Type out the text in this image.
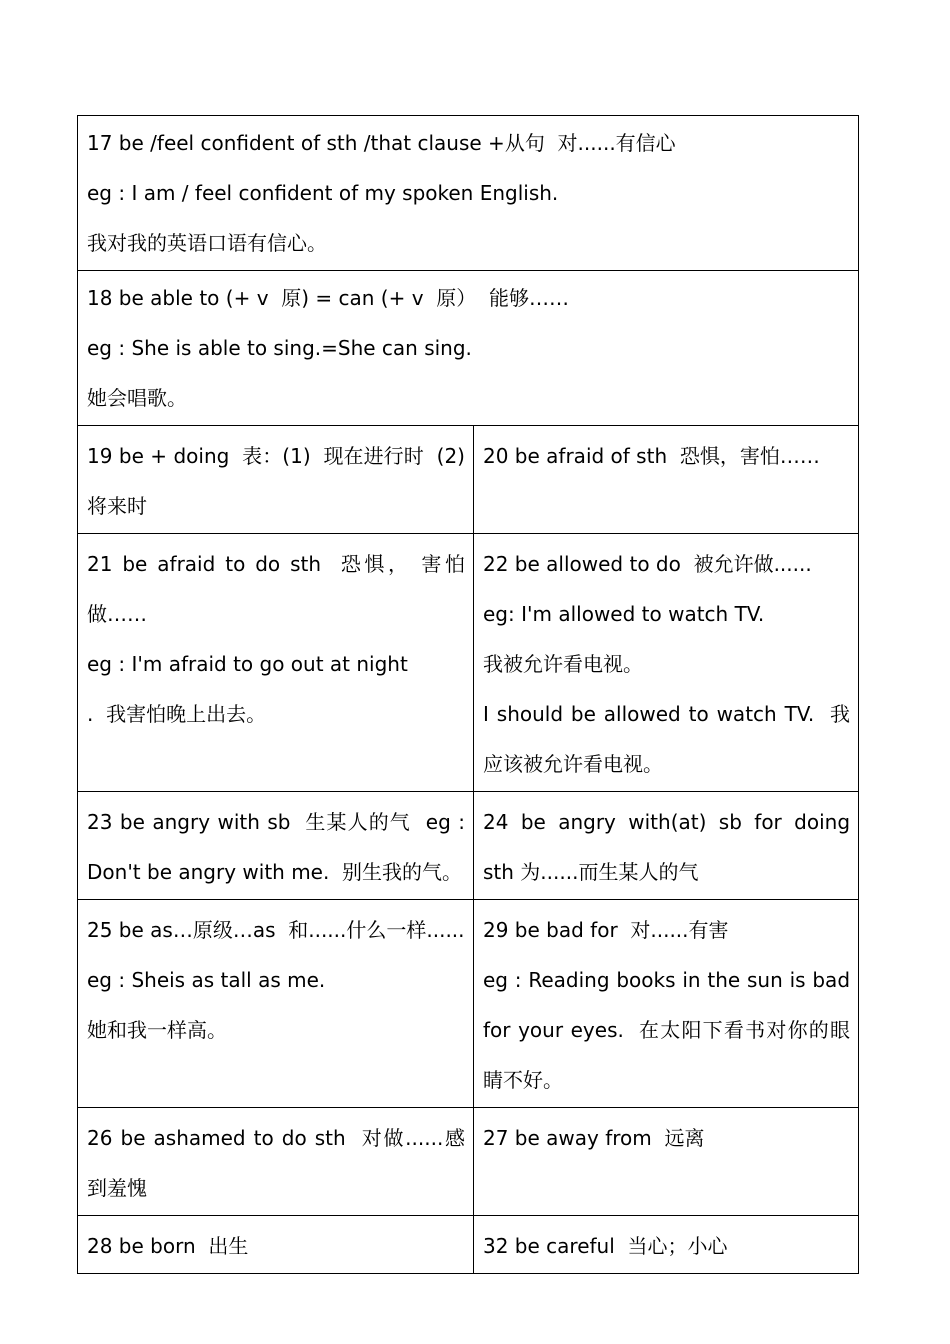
17 be /feel confident of sth /that clause +从句  对......有信心
eg : I am / feel confident of my spoken English.
我对我的英语口语有信心。	

18 be able to (+ v  原) = can (+ v  原）  能够……
eg : She is able to sing.=She can sing.
她会唱歌。	

19 be + doing  表：(1)  现在进行时  (2)  将来时	20 be afraid of sth  恐惧，害怕……

21 be afraid to do sth  恐惧， 害怕做……
eg : I'm afraid to go out at night
.  我害怕晚上出去。	22 be allowed to do  被允许做......
eg: I'm allowed to watch TV.
我被允许看电视。
I should be allowed to watch TV.  我应该被允许看电视。

23 be angry with sb  生某人的气  eg : Don't be angry with me.  别生我的气。	24 be angry with(at) sb for doing sth 为......而生某人的气

25 be as…原级…as  和......什么一样......
eg : Sheis as tall as me.
她和我一样高。	29 be bad for  对......有害
eg : Reading books in the sun is bad for your eyes.  在太阳下看书对你的眼睛不好。

26 be ashamed to do sth  对做......感到羞愧	27 be away from  远离

28 be born  出生	32 be careful  当心；小心
